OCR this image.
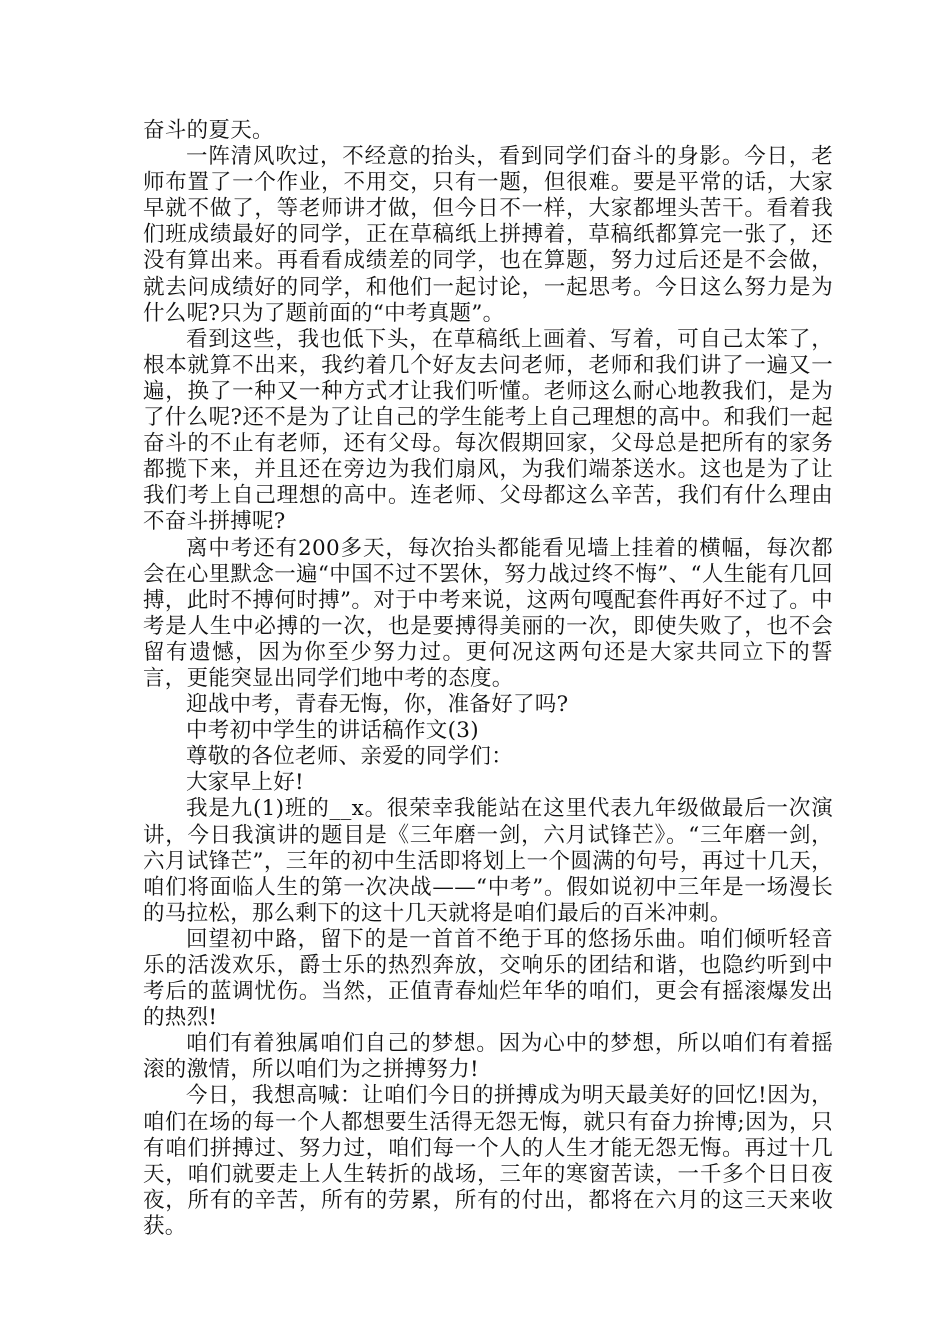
奋斗的夏天。

一阵清风吹过，不经意的抬头，看到同学们奋斗的身影。今日，老师布置了一个作业，不用交，只有一题，但很难。要是平常的话，大家早就不做了，等老师讲才做，但今日不一样，大家都埋头苦干。看着我们班成绩最好的同学，正在草稿纸上拼搏着，草稿纸都算完一张了，还没有算出来。再看看成绩差的同学，也在算题，努力过后还是不会做，就去问成绩好的同学，和他们一起讨论，一起思考。今日这么努力是为什么呢?只为了题前面的“中考真题”。

看到这些，我也低下头，在草稿纸上画着、写着，可自己太笨了，根本就算不出来，我约着几个好友去问老师，老师和我们讲了一遍又一遍，换了一种又一种方式才让我们听懂。老师这么耐心地教我们，是为了什么呢?还不是为了让自己的学生能考上自己理想的高中。和我们一起奋斗的不止有老师，还有父母。每次假期回家，父母总是把所有的家务都揽下来，并且还在旁边为我们扇风，为我们端茶送水。这也是为了让我们考上自己理想的高中。连老师、父母都这么辛苦，我们有什么理由不奋斗拼搏呢?

离中考还有200多天，每次抬头都能看见墙上挂着的横幅，每次都会在心里默念一遍“中国不过不罢休，努力战过终不悔”、“人生能有几回搏，此时不搏何时搏”。对于中考来说，这两句嘎配套件再好不过了。中考是人生中必搏的一次，也是要搏得美丽的一次，即使失败了，也不会留有遗憾，因为你至少努力过。更何况这两句还是大家共同立下的誓言，更能突显出同学们地中考的态度。

迎战中考，青春无悔，你，准备好了吗?

中考初中学生的讲话稿作文(3)

尊敬的各位老师、亲爱的同学们：

大家早上好!

我是九(1)班的__x。很荣幸我能站在这里代表九年级做最后一次演讲，今日我演讲的题目是《三年磨一剑，六月试锋芒》。“三年磨一剑，六月试锋芒”，三年的初中生活即将划上一个圆满的句号，再过十几天，咱们将面临人生的第一次决战——“中考”。假如说初中三年是一场漫长的马拉松，那么剩下的这十几天就将是咱们最后的百米冲刺。

回望初中路，留下的是一首首不绝于耳的悠扬乐曲。咱们倾听轻音乐的活泼欢乐，爵士乐的热烈奔放，交响乐的团结和谐，也隐约听到中考后的蓝调忧伤。当然，正值青春灿烂年华的咱们，更会有摇滚爆发出的热烈!

咱们有着独属咱们自己的梦想。因为心中的梦想，所以咱们有着摇滚的激情，所以咱们为之拼搏努力!

今日，我想高喊：让咱们今日的拼搏成为明天最美好的回忆!因为，咱们在场的每一个人都想要生活得无怨无悔，就只有奋力拚博;因为，只有咱们拼搏过、努力过，咱们每一个人的人生才能无怨无悔。再过十几天，咱们就要走上人生转折的战场，三年的寒窗苦读，一千多个日日夜夜，所有的辛苦，所有的劳累，所有的付出，都将在六月的这三天来收获。
